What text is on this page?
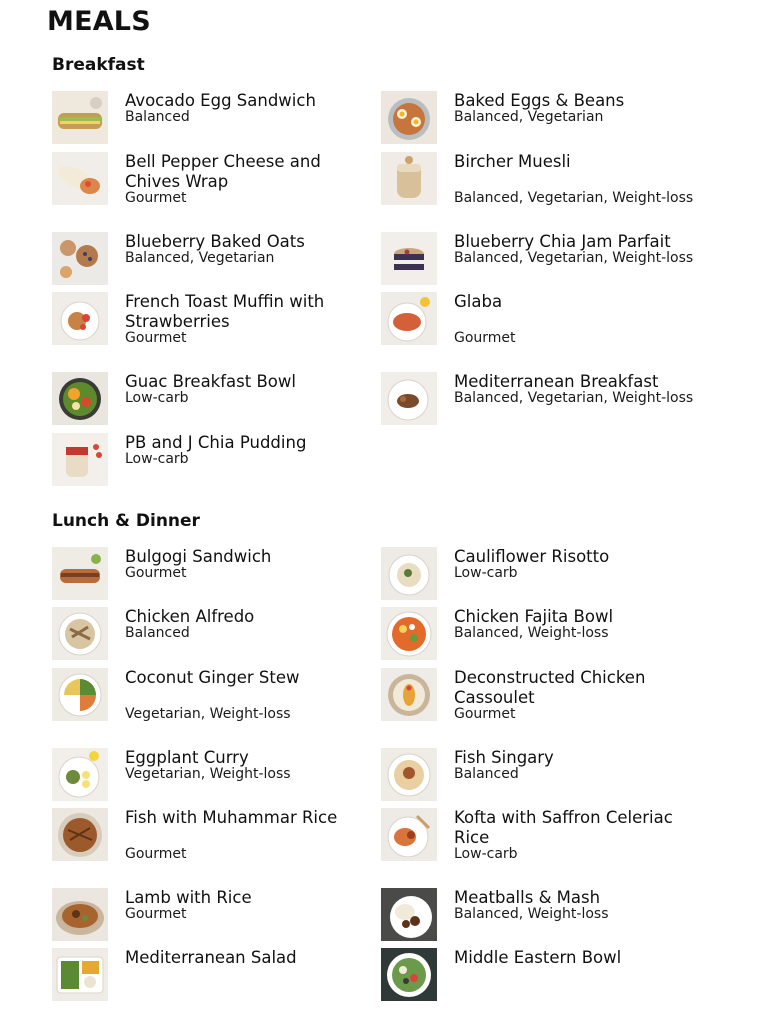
MEALS
Breakfast
Avocado Egg Sandwich
Balanced
Baked Eggs & Beans
Balanced, Vegetarian
Bell Pepper Cheese and Chives Wrap
Gourmet
Bircher Muesli
Balanced, Vegetarian, Weight-loss
Blueberry Baked Oats
Balanced, Vegetarian
Blueberry Chia Jam Parfait
Balanced, Vegetarian, Weight-loss
French Toast Muffin with Strawberries
Gourmet
Glaba
Gourmet
Guac Breakfast Bowl
Low-carb
Mediterranean Breakfast
Balanced, Vegetarian, Weight-loss
PB and J Chia Pudding
Low-carb
Lunch & Dinner
Bulgogi Sandwich
Gourmet
Cauliflower Risotto
Low-carb
Chicken Alfredo
Balanced
Chicken Fajita Bowl
Balanced, Weight-loss
Coconut Ginger Stew
Vegetarian, Weight-loss
Deconstructed Chicken Cassoulet
Gourmet
Eggplant Curry
Vegetarian, Weight-loss
Fish Singary
Balanced
Fish with Muhammar Rice
Gourmet
Kofta with Saffron Celeriac Rice
Low-carb
Lamb with Rice
Gourmet
Meatballs & Mash
Balanced, Weight-loss
Mediterranean Salad	Middle Eastern Bowl
